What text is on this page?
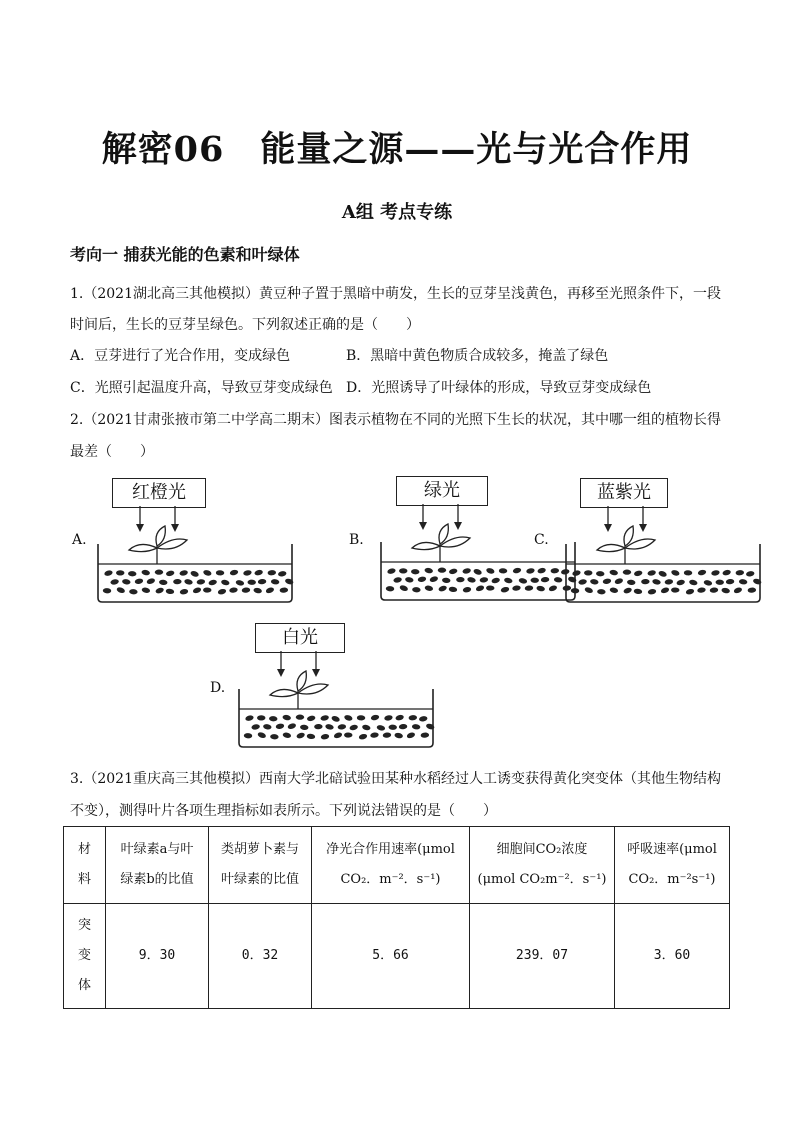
解密06　能量之源——光与光合作用
A组 考点专练
考向一 捕获光能的色素和叶绿体
1.（2021湖北高三其他模拟）黄豆种子置于黑暗中萌发，生长的豆芽呈浅黄色，再移至光照条件下，一段
时间后，生长的豆芽呈绿色。下列叙述正确的是（　　）
A．豆芽进行了光合作用，变成绿色	B．黑暗中黄色物质合成较多，掩盖了绿色
C．光照引起温度升高，导致豆芽变成绿色 D．光照诱导了叶绿体的形成，导致豆芽变成绿色
2.（2021甘肃张掖市第二中学高二期末）图表示植物在不同的光照下生长的状况，其中哪一组的植物长得
最差（　　）
A.
红橙光
B.
绿光
C.
蓝紫光
D.
白光
3.（2021重庆高三其他模拟）西南大学北碚试验田某种水稻经过人工诱变获得黄化突变体（其他生物结构
不变），测得叶片各项生理指标如表所示。下列说法错误的是（　　）
材
料	叶绿素a与叶
绿素b的比值	类胡萝卜素与
叶绿素的比值	净光合作用速率(μmol
CO₂．m⁻²．s⁻¹)	细胞间CO₂浓度
(μmol CO₂m⁻²．s⁻¹)	呼吸速率(μmol
CO₂．m⁻²s⁻¹)
突
变
体	9．30	0．32	5．66	239．07	3．60
